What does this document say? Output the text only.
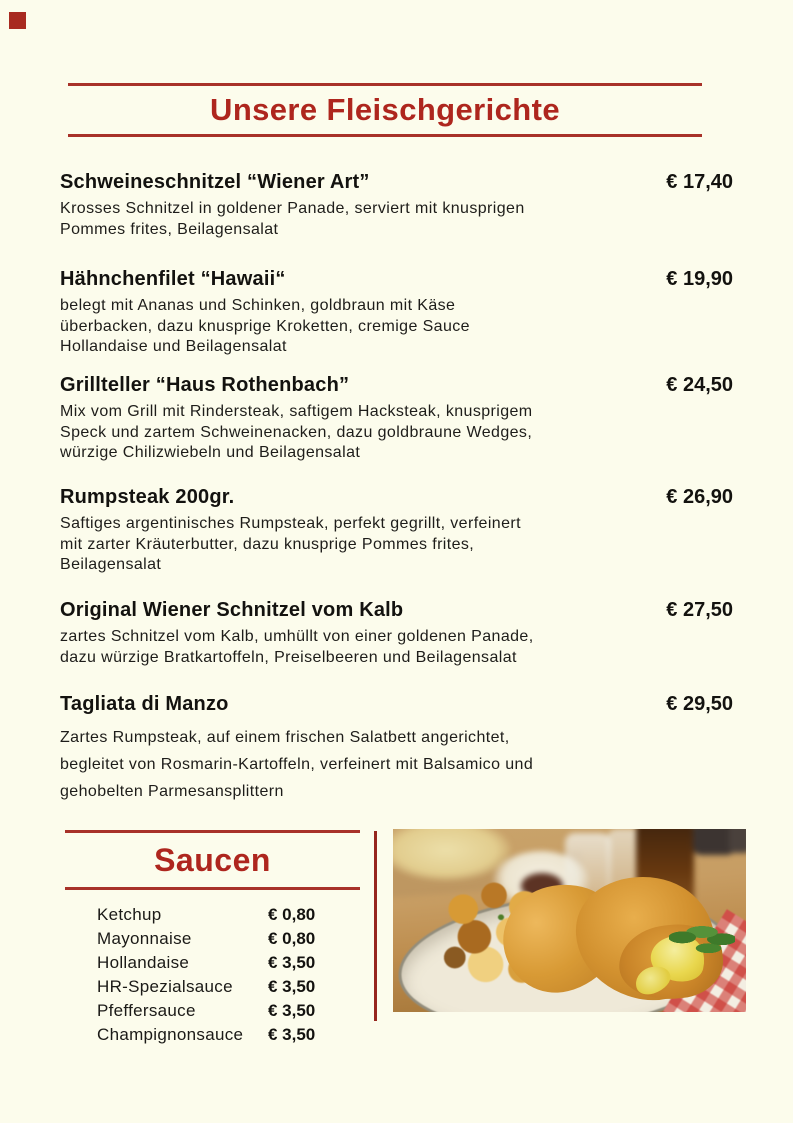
Unsere Fleischgerichte
Schweineschnitzel “Wiener Art”	€ 17,40
Krosses Schnitzel in goldener Panade, serviert mit knusprigen
Pommes frites, Beilagensalat
Hähnchenfilet “Hawaii“	€ 19,90
belegt mit Ananas und Schinken, goldbraun mit Käse
überbacken, dazu knusprige Kroketten, cremige Sauce
Hollandaise und Beilagensalat
Grillteller “Haus Rothenbach”	€ 24,50
Mix vom Grill mit Rindersteak, saftigem Hacksteak, knusprigem
Speck und zartem Schweinenacken, dazu goldbraune Wedges,
würzige Chilizwiebeln und Beilagensalat
Rumpsteak 200gr.	€ 26,90
Saftiges argentinisches Rumpsteak, perfekt gegrillt, verfeinert
mit zarter Kräuterbutter, dazu knusprige Pommes frites,
Beilagensalat
Original Wiener Schnitzel vom Kalb	€ 27,50
zartes Schnitzel vom Kalb, umhüllt von einer goldenen Panade,
dazu würzige Bratkartoffeln, Preiselbeeren und Beilagensalat
Tagliata di Manzo	€ 29,50
Zartes Rumpsteak, auf einem frischen Salatbett angerichtet,
begleitet von Rosmarin-Kartoffeln, verfeinert mit Balsamico und
gehobelten Parmesansplittern
Saucen
Ketchup	€ 0,80
Mayonnaise	€ 0,80
Hollandaise	€ 3,50
HR-Spezialsauce	€ 3,50
Pfeffersauce	€ 3,50
Champignonsauce	€ 3,50
